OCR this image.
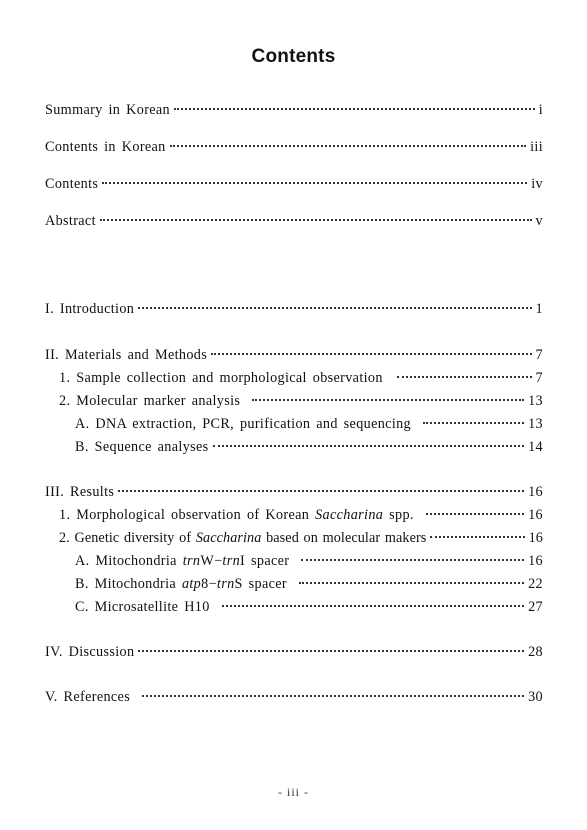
Contents
Summary in Korean	i
Contents in Korean	iii
Contents	iv
Abstract	v
I. Introduction	1
II. Materials and Methods	7
1. Sample collection and morphological observation	7
2. Molecular marker analysis	13
A. DNA extraction, PCR, purification and sequencing	13
B. Sequence analyses	14
III. Results	16
1. Morphological observation of Korean Saccharina spp.	16
2. Genetic diversity of Saccharina based on molecular makers	16
A. Mitochondria trnW−trnI spacer	16
B. Mitochondria atp8−trnS spacer	22
C. Microsatellite H10	27
IV. Discussion	28
V. References	30
- iii -
